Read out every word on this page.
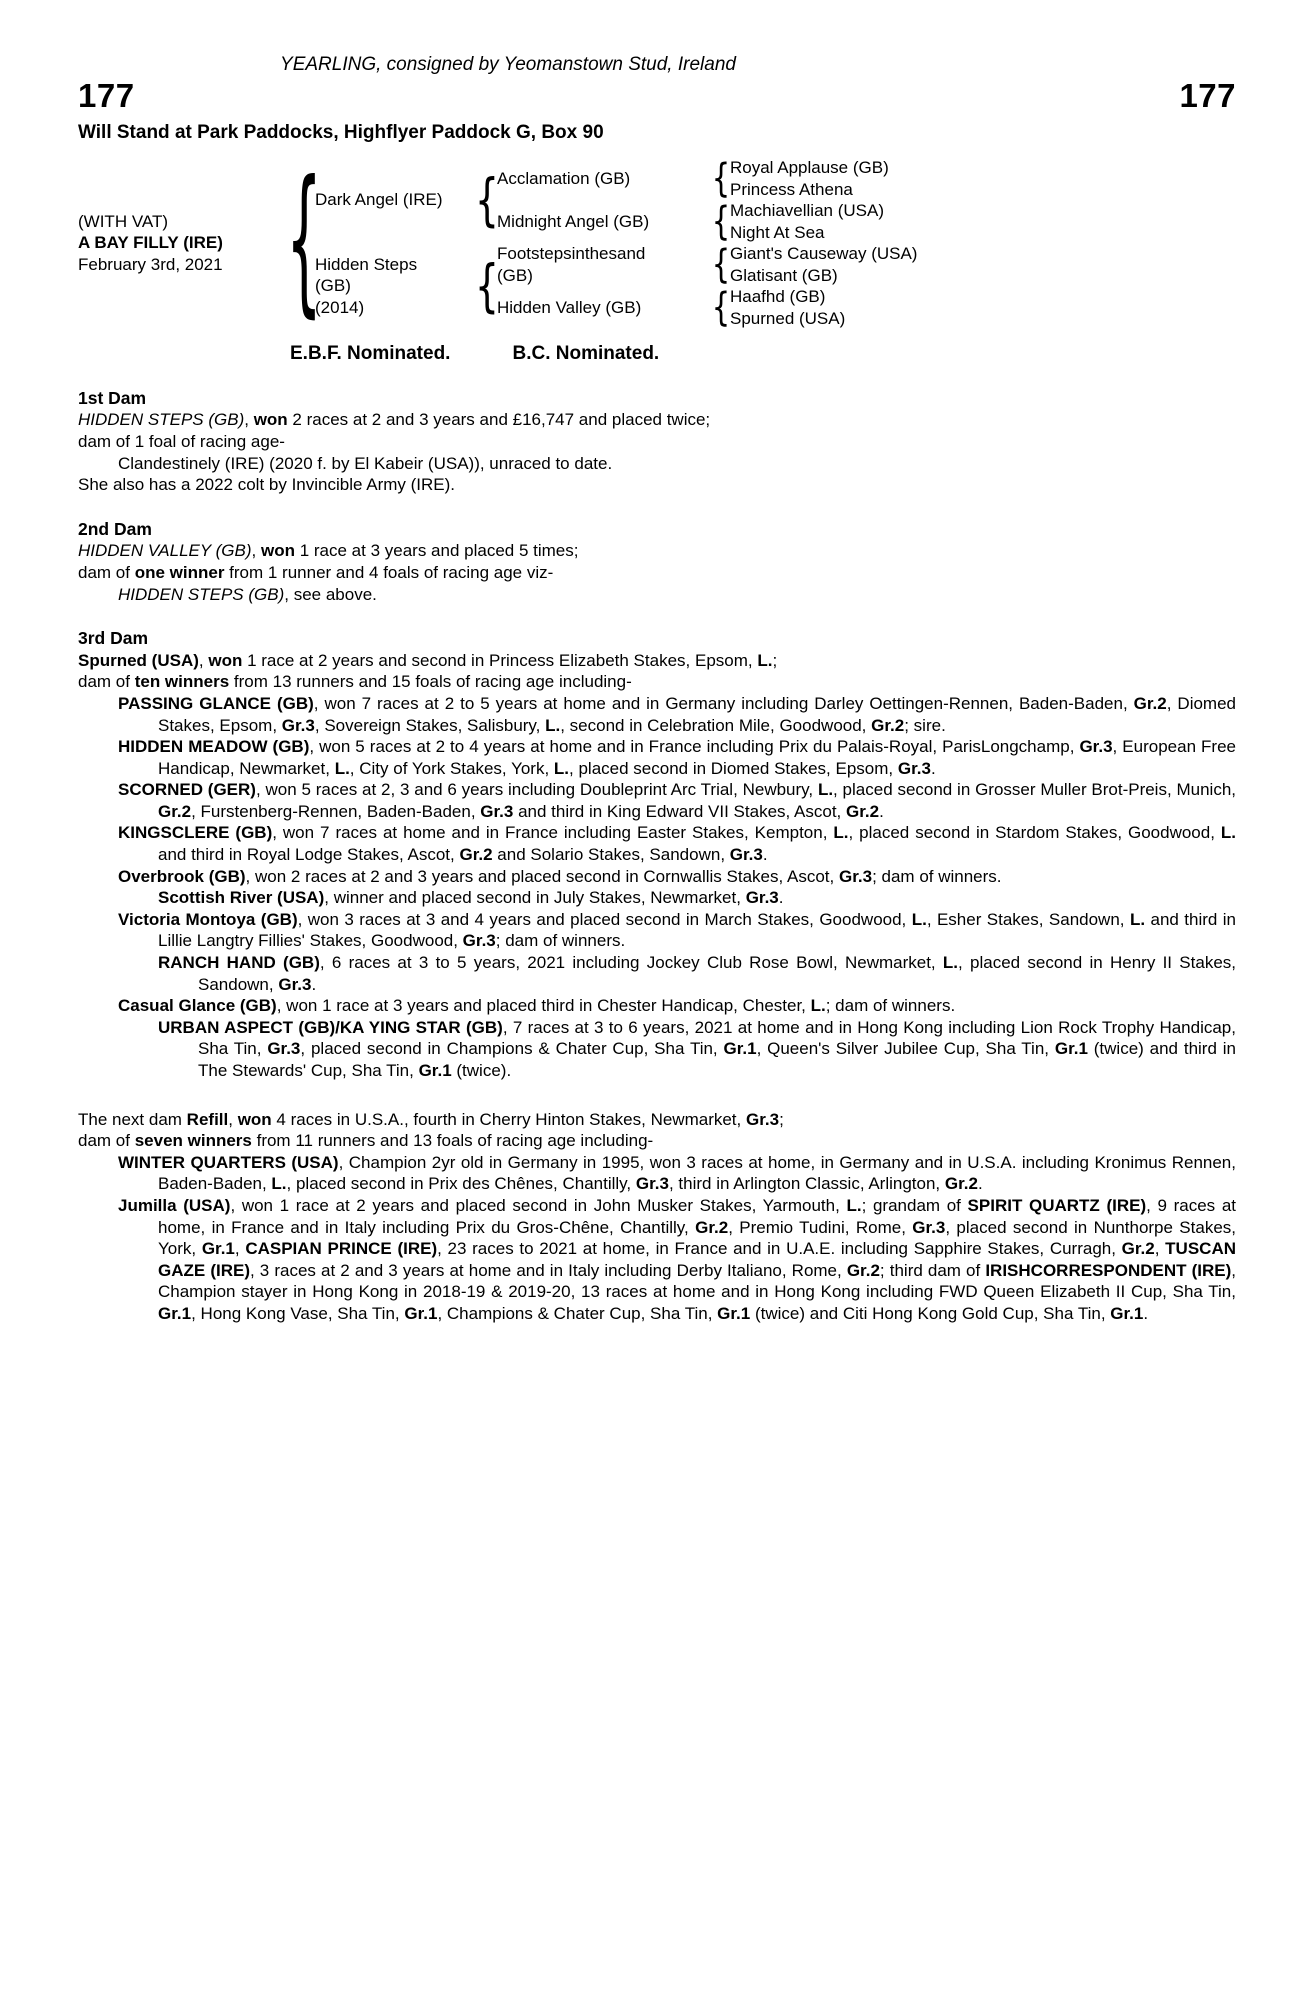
YEARLING, consigned by Yeomanstown Stud, Ireland
177	177
Will Stand at Park Paddocks, Highflyer Paddock G, Box 90
(WITH VAT)
A BAY FILLY (IRE)
February 3rd, 2021
{
Dark Angel (IRE)
Hidden Steps
(GB)
(2014)
{
{
Acclamation (GB)
Midnight Angel (GB)
Footstepsinthesand
(GB)
Hidden Valley (GB)
{
{
{
{
Royal Applause (GB)
Princess Athena
Machiavellian (USA)
Night At Sea
Giant's Causeway (USA)
Glatisant (GB)
Haafhd (GB)
Spurned (USA)
E.B.F. Nominated.	B.C. Nominated.
1st Dam

HIDDEN STEPS (GB), won 2 races at 2 and 3 years and £16,747 and placed twice;

dam of 1 foal of racing age-

Clandestinely (IRE) (2020 f. by El Kabeir (USA)), unraced to date.

She also has a 2022 colt by Invincible Army (IRE).

2nd Dam

HIDDEN VALLEY (GB), won 1 race at 3 years and placed 5 times;

dam of one winner from 1 runner and 4 foals of racing age viz-

HIDDEN STEPS (GB), see above.

3rd Dam

Spurned (USA), won 1 race at 2 years and second in Princess Elizabeth Stakes, Epsom, L.;

dam of ten winners from 13 runners and 15 foals of racing age including-

PASSING GLANCE (GB), won 7 races at 2 to 5 years at home and in Germany including Darley Oettingen-Rennen, Baden-Baden, Gr.2, Diomed Stakes, Epsom, Gr.3, Sovereign Stakes, Salisbury, L., second in Celebration Mile, Goodwood, Gr.2; sire.

HIDDEN MEADOW (GB), won 5 races at 2 to 4 years at home and in France including Prix du Palais-Royal, ParisLongchamp, Gr.3, European Free Handicap, Newmarket, L., City of York Stakes, York, L., placed second in Diomed Stakes, Epsom, Gr.3.

SCORNED (GER), won 5 races at 2, 3 and 6 years including Doubleprint Arc Trial, Newbury, L., placed second in Grosser Muller Brot-Preis, Munich, Gr.2, Furstenberg-Rennen, Baden-Baden, Gr.3 and third in King Edward VII Stakes, Ascot, Gr.2.

KINGSCLERE (GB), won 7 races at home and in France including Easter Stakes, Kempton, L., placed second in Stardom Stakes, Goodwood, L. and third in Royal Lodge Stakes, Ascot, Gr.2 and Solario Stakes, Sandown, Gr.3.

Overbrook (GB), won 2 races at 2 and 3 years and placed second in Cornwallis Stakes, Ascot, Gr.3; dam of winners.

Scottish River (USA), winner and placed second in July Stakes, Newmarket, Gr.3.

Victoria Montoya (GB), won 3 races at 3 and 4 years and placed second in March Stakes, Goodwood, L., Esher Stakes, Sandown, L. and third in Lillie Langtry Fillies' Stakes, Goodwood, Gr.3; dam of winners.

RANCH HAND (GB), 6 races at 3 to 5 years, 2021 including Jockey Club Rose Bowl, Newmarket, L., placed second in Henry II Stakes, Sandown, Gr.3.

Casual Glance (GB), won 1 race at 3 years and placed third in Chester Handicap, Chester, L.; dam of winners.

URBAN ASPECT (GB)/KA YING STAR (GB), 7 races at 3 to 6 years, 2021 at home and in Hong Kong including Lion Rock Trophy Handicap, Sha Tin, Gr.3, placed second in Champions & Chater Cup, Sha Tin, Gr.1, Queen's Silver Jubilee Cup, Sha Tin, Gr.1 (twice) and third in The Stewards' Cup, Sha Tin, Gr.1 (twice).

The next dam Refill, won 4 races in U.S.A., fourth in Cherry Hinton Stakes, Newmarket, Gr.3;

dam of seven winners from 11 runners and 13 foals of racing age including-

WINTER QUARTERS (USA), Champion 2yr old in Germany in 1995, won 3 races at home, in Germany and in U.S.A. including Kronimus Rennen, Baden-Baden, L., placed second in Prix des Chênes, Chantilly, Gr.3, third in Arlington Classic, Arlington, Gr.2.

Jumilla (USA), won 1 race at 2 years and placed second in John Musker Stakes, Yarmouth, L.; grandam of SPIRIT QUARTZ (IRE), 9 races at home, in France and in Italy including Prix du Gros-Chêne, Chantilly, Gr.2, Premio Tudini, Rome, Gr.3, placed second in Nunthorpe Stakes, York, Gr.1, CASPIAN PRINCE (IRE), 23 races to 2021 at home, in France and in U.A.E. including Sapphire Stakes, Curragh, Gr.2, TUSCAN GAZE (IRE), 3 races at 2 and 3 years at home and in Italy including Derby Italiano, Rome, Gr.2; third dam of IRISHCORRESPONDENT (IRE), Champion stayer in Hong Kong in 2018-19 & 2019-20, 13 races at home and in Hong Kong including FWD Queen Elizabeth II Cup, Sha Tin, Gr.1, Hong Kong Vase, Sha Tin, Gr.1, Champions & Chater Cup, Sha Tin, Gr.1 (twice) and Citi Hong Kong Gold Cup, Sha Tin, Gr.1.
